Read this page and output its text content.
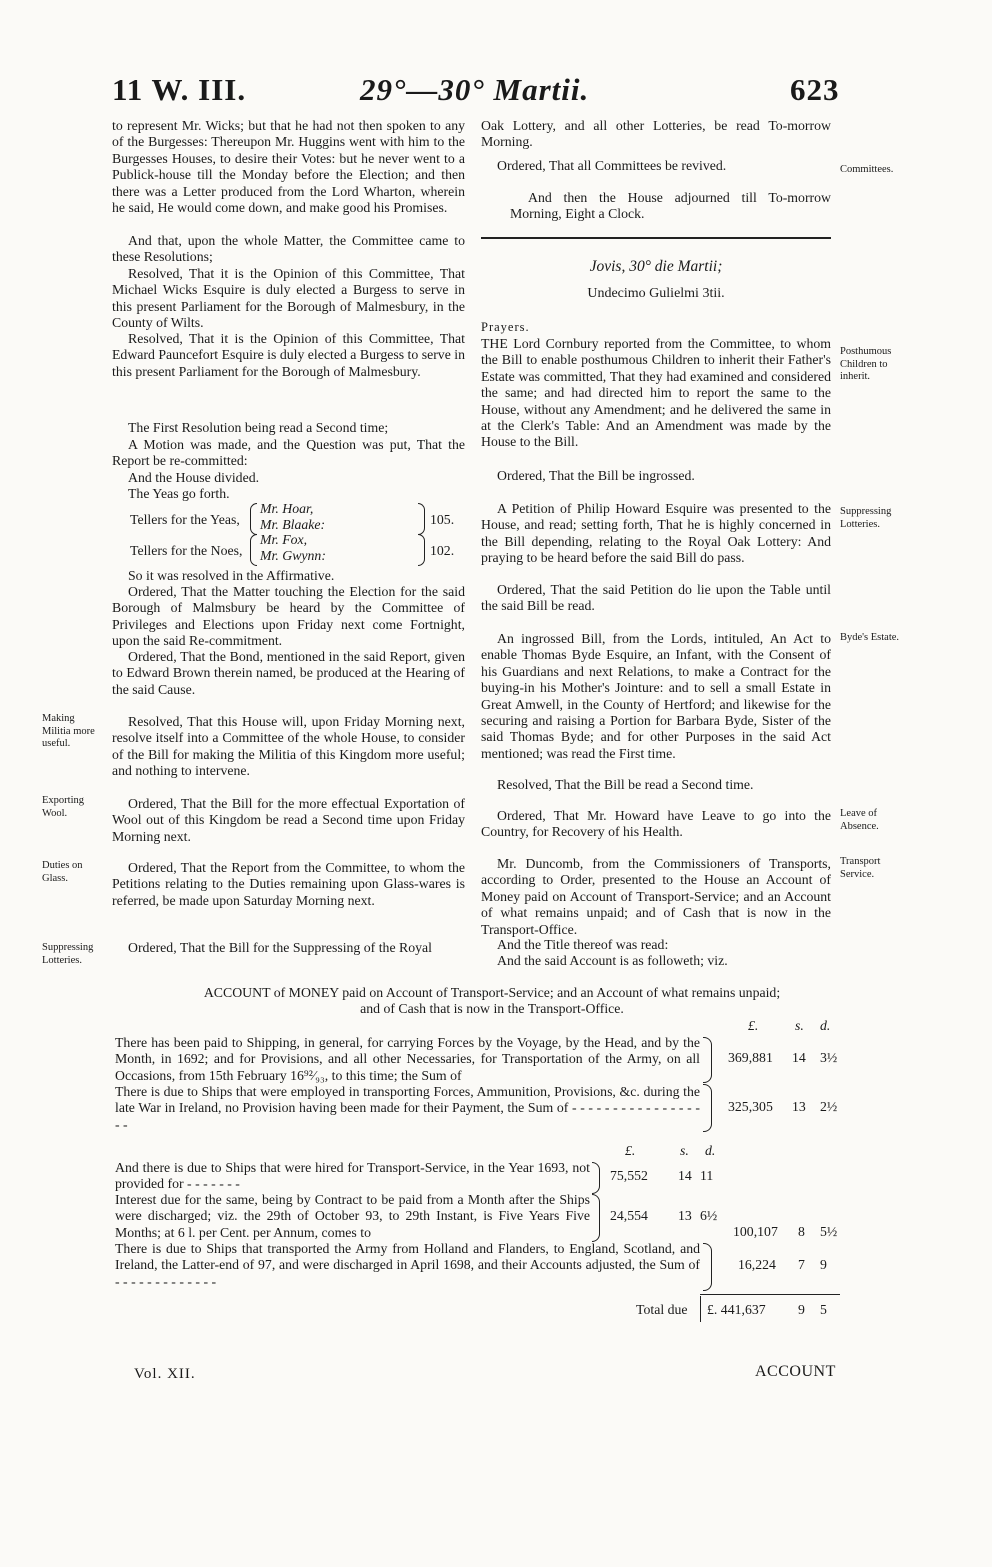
11 W. III.	29°—30° Martii.	623
to represent Mr. Wicks; but that he had not then spoken to any of the Burgesses: Thereupon Mr. Huggins went with him to the Burgesses Houses, to desire their Votes: but he never went to a Publick-house till the Monday before the Election; and then there was a Letter produced from the Lord Wharton, wherein he said, He would come down, and make good his Promises.
And that, upon the whole Matter, the Committee came to these Resolutions;
Resolved, That it is the Opinion of this Committee, That Michael Wicks Esquire is duly elected a Burgess to serve in this present Parliament for the Borough of Malmesbury, in the County of Wilts.
Resolved, That it is the Opinion of this Committee, That Edward Pauncefort Esquire is duly elected a Burgess to serve in this present Parliament for the Borough of Malmesbury.
The First Resolution being read a Second time;
A Motion was made, and the Question was put, That the Report be re-committed:
And the House divided.
The Yeas go forth.
Tellers for the Yeas,
Mr. Hoar,
Mr. Blaake:	105.
Tellers for the Noes,
Mr. Fox,
Mr. Gwynn:	102.
So it was resolved in the Affirmative.
Ordered, That the Matter touching the Election for the said Borough of Malmsbury be heard by the Committee of Privileges and Elections upon Friday next come Fortnight, upon the said Re-commitment.
Ordered, That the Bond, mentioned in the said Report, given to Edward Brown therein named, be produced at the Hearing of the said Cause.
Resolved, That this House will, upon Friday Morning next, resolve itself into a Committee of the whole House, to consider of the Bill for making the Militia of this Kingdom more useful; and nothing to intervene.
Ordered, That the Bill for the more effectual Exportation of Wool out of this Kingdom be read a Second time upon Friday Morning next.
Ordered, That the Report from the Committee, to whom the Petitions relating to the Duties remaining upon Glass-wares is referred, be made upon Saturday Morning next.
Ordered, That the Bill for the Suppressing of the Royal
Making Militia more useful.
Exporting Wool.
Duties on Glass.
Suppressing Lotteries.
Oak Lottery, and all other Lotteries, be read To-morrow Morning.
Ordered, That all Committees be revived.
And then the House adjourned till To-morrow Morning, Eight a Clock.
Jovis, 30° die Martii;
Undecimo Gulielmi 3tii.
Prayers.
THE Lord Cornbury reported from the Committee, to whom the Bill to enable posthumous Children to inherit their Father's Estate was committed, That they had examined and considered the same; and had directed him to report the same to the House, without any Amendment; and he delivered the same in at the Clerk's Table: And an Amendment was made by the House to the Bill.
Ordered, That the Bill be ingrossed.
A Petition of Philip Howard Esquire was presented to the House, and read; setting forth, That he is highly concerned in the Bill depending, relating to the Royal Oak Lottery: And praying to be heard before the said Bill do pass.
Ordered, That the said Petition do lie upon the Table until the said Bill be read.
An ingrossed Bill, from the Lords, intituled, An Act to enable Thomas Byde Esquire, an Infant, with the Consent of his Guardians and next Relations, to make a Contract for the buying-in his Mother's Jointure: and to sell a small Estate in Great Amwell, in the County of Hertford; and likewise for the securing and raising a Portion for Barbara Byde, Sister of the said Thomas Byde; and for other Purposes in the said Act mentioned; was read the First time.
Resolved, That the Bill be read a Second time.
Ordered, That Mr. Howard have Leave to go into the Country, for Recovery of his Health.
Mr. Duncomb, from the Commissioners of Transports, according to Order, presented to the House an Account of Money paid on Account of Transport-Service; and an Account of what remains unpaid; and of Cash that is now in the Transport-Office.
And the Title thereof was read:
And the said Account is as followeth; viz.
Committees.
Posthumous Children to inherit.
Suppressing Lotteries.
Byde's Estate.
Leave of Absence.
Transport Service.
ACCOUNT of MONEY paid on Account of Transport-Service; and an Account of what remains unpaid;
and of Cash that is now in the Transport-Office.
£.	s. d.
There has been paid to Shipping, in general, for carrying Forces by the Voyage, by the Head, and by the Month, in 1692; and for Provisions, and all other Necessaries, for Transportation of the Army, on all Occasions, from 15th February 16⁹²⁄₉₃, to this time; the Sum of
369,881 14 3½
There is due to Ships that were employed in transporting Forces, Ammunition, Provisions, &c. during the late War in Ireland, no Provision having been made for their Payment, the Sum of - - - - - - - - - - - - - - - - - -
325,305 13 2½
£.	s. d.
And there is due to Ships that were hired for Transport-Service, in the Year 1693, not provided for - - - - - - -
75,552 14 11
Interest due for the same, being by Contract to be paid from a Month after the Ships were discharged; viz. the 29th of October 93, to 29th Instant, is Five Years Five Months; at 6 l. per Cent. per Annum, comes to
24,554 13 6½
100,107 8 5½
There is due to Ships that transported the Army from Holland and Flanders, to England, Scotland, and Ireland, the Latter-end of 97, and were discharged in April 1698, and their Accounts adjusted, the Sum of - - - - - - - - - - - - -
16,224 7 9
Total due £. 441,637 9 5
Vol. XII.	ACCOUNT
